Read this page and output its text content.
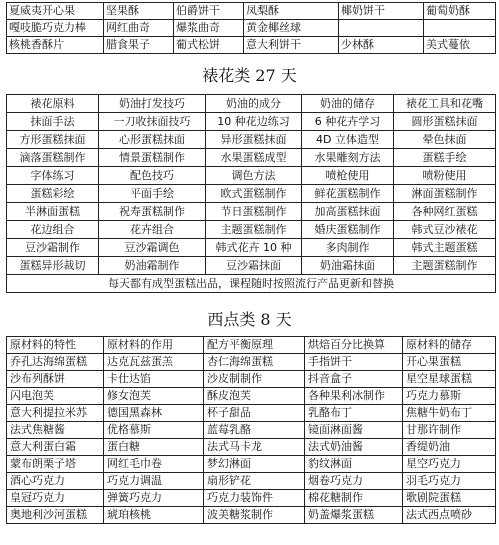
夏威夷开心果	坚果酥	伯爵饼干	凤梨酥	椰奶饼干	葡萄奶酥
嘎吱脆巧克力棒	网红曲奇	爆浆曲奇	黄金椰丝球		
核桃香酥片	腊食果子	葡式松饼	意大利饼干	少林酥	美式蔓依
裱花类 27 天
裱花原料	奶油打发技巧	奶油的成分	奶油的储存	裱花工具和花嘴
抹面手法	一刀收抹面技巧	10 种花边练习	6 种花卉学习	圆形蛋糕抹面
方形蛋糕抹面	心形蛋糕抹面	异形蛋糕抹面	4D 立体造型	晕色抹面
滴落蛋糕制作	情景蛋糕制作	水果蛋糕成型	水果雕刻方法	蛋糕手绘
字体练习	配色技巧	调色方法	喷枪使用	喷粉使用
蛋糕彩绘	平面手绘	欧式蛋糕制作	鲜花蛋糕制作	淋面蛋糕制作
半淋面蛋糕	祝寿蛋糕制作	节日蛋糕制作	加高蛋糕抹面	各种网红蛋糕
花边组合	花卉组合	主题蛋糕制作	婚庆蛋糕制作	韩式豆沙裱花
豆沙霜制作	豆沙霜调色	韩式花卉 10 种	多肉制作	韩式主题蛋糕
蛋糕异形裁切	奶油霜制作	豆沙霜抹面	奶油霜抹面	主题蛋糕制作
每天都有成型蛋糕出品，课程随时按照流行产品更新和替换				
西点类 8 天
原材料的特性	原材料的作用	配方平衡原理	烘焙百分比换算	原材料的储存
乔孔达海绵蛋糕	达克瓦兹蛋羔	杏仁海绵蛋糕	手指饼干	开心果蛋糕
沙布列酥饼	卡仕达馅	沙皮制制作	抖音盒子	星空星球蛋糕
闪电泡芙	修女泡芙	酥皮泡芙	各种果利冰制作	巧克力慕斯
意大利提拉米苏	德国黑森林	杯子甜品	乳酪布丁	焦糖牛奶布丁
法式焦糖酱	优格慕斯	蓝莓乳酪	镜面淋面酱	甘那许制作
意大利蛋白霜	蛋白糖	法式马卡龙	法式奶油酱	香缇奶油
蒙布朗栗子塔	网红毛巾卷	梦幻淋面	豹纹淋面	星空巧克力
酒心巧克力	巧克力调温	扇形铲花	烟卷巧克力	羽毛巧克力
皇冠巧克力	弹簧巧克力	巧克力装饰件	棉花糖制作	歌剧院蛋糕
奥地利沙河蛋糕	琥珀核桃	波美糖浆制作	奶盖爆浆蛋糕	法式西点喷砂
